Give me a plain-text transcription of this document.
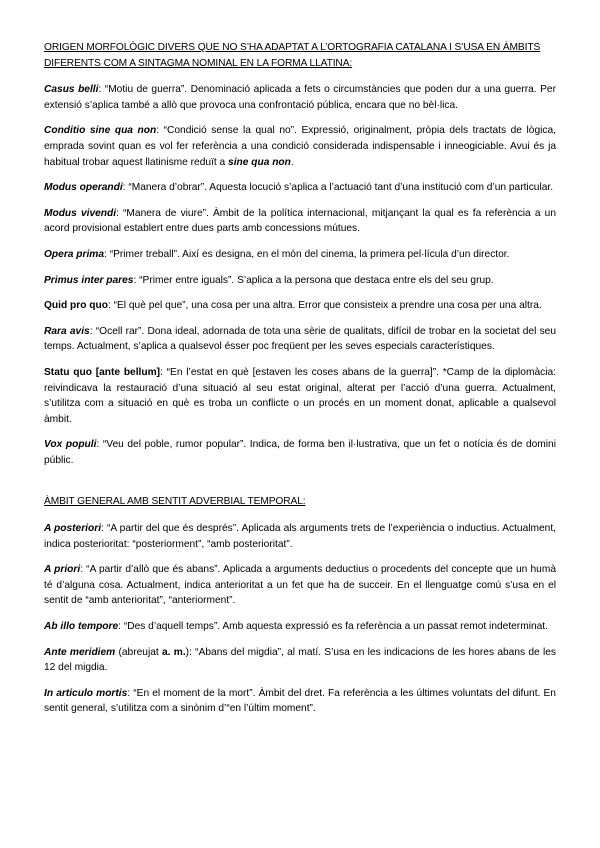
ORIGEN MORFOLÒGIC DIVERS QUE NO S’HA ADAPTAT A L’ORTOGRAFIA CATALANA I S’USA EN ÀMBITS DIFERENTS COM A SINTAGMA NOMINAL EN LA FORMA LLATINA:

Casus belli: “Motiu de guerra”. Denominació aplicada a fets o circumstàncies que poden dur a una guerra. Per extensió s’aplica també a allò que provoca una confrontació pública, encara que no bèl·lica.

Conditio sine qua non: “Condició sense la qual no”. Expressió, originalment, pròpia dels tractats de lògica, emprada sovint quan es vol fer referència a una condició considerada indispensable i inneogiciable. Avui és ja habitual trobar aquest llatinisme reduït a sine qua non.

Modus operandi: “Manera d’obrar”. Aquesta locució s’aplica a l’actuació tant d’una institució com d’un particular.

Modus vivendi: “Manera de viure”. Àmbit de la política internacional, mitjançant la qual es fa referència a un acord provisional establert entre dues parts amb concessions mútues.

Opera prima: “Primer treball”. Així es designa, en el món del cinema, la primera pel·lícula d’un director.

Primus inter pares: “Primer entre iguals”. S’aplica a la persona que destaca entre els del seu grup.

Quid pro quo: “El què pel que”, una cosa per una altra. Error que consisteix a prendre una cosa per una altra.

Rara avis: “Ocell rar”. Dona ideal, adornada de tota una sèrie de qualitats, difícil de trobar en la societat del seu temps. Actualment, s’aplica a qualsevol ésser poc freqüent per les seves especials característiques.

Statu quo [ante bellum]: “En l’estat en què [estaven les coses abans de la guerra]”. *Camp de la diplomàcia: reivindicava la restauració d’una situació al seu estat original, alterat per l’acció d’una guerra. Actualment, s’utilitza com a situació en què es troba un conflicte o un procés en un moment donat, aplicable a qualsevol àmbit.

Vox populi: “Veu del poble, rumor popular”. Indica, de forma ben il·lustrativa, que un fet o notícia és de domini públic.

ÀMBIT GENERAL AMB SENTIT ADVERBIAL TEMPORAL:

A posteriori: “A partir del que és després”. Aplicada als arguments trets de l’experiència o inductius. Actualment, indica posterioritat: “posteriorment”, “amb posterioritat”.

A priori: “A partir d’allò que és abans”. Aplicada a arguments deductius o procedents del concepte que un humà té d’alguna cosa. Actualment, indica anterioritat a un fet que ha de succeir. En el llenguatge comú s’usa en el sentit de “amb anterioritat”, “anteriorment”.

Ab illo tempore: “Des d’aquell temps”. Amb aquesta expressió es fa referència a un passat remot indeterminat.

Ante meridiem (abreujat a. m.): “Abans del migdia”, al matí. S’usa en les indicacions de les hores abans de les 12 del migdia.

In articulo mortis: “En el moment de la mort”. Àmbit del dret. Fa referència a les últimes voluntats del difunt. En sentit general, s’utilitza com a sinònim d’“en l’últim moment”.
